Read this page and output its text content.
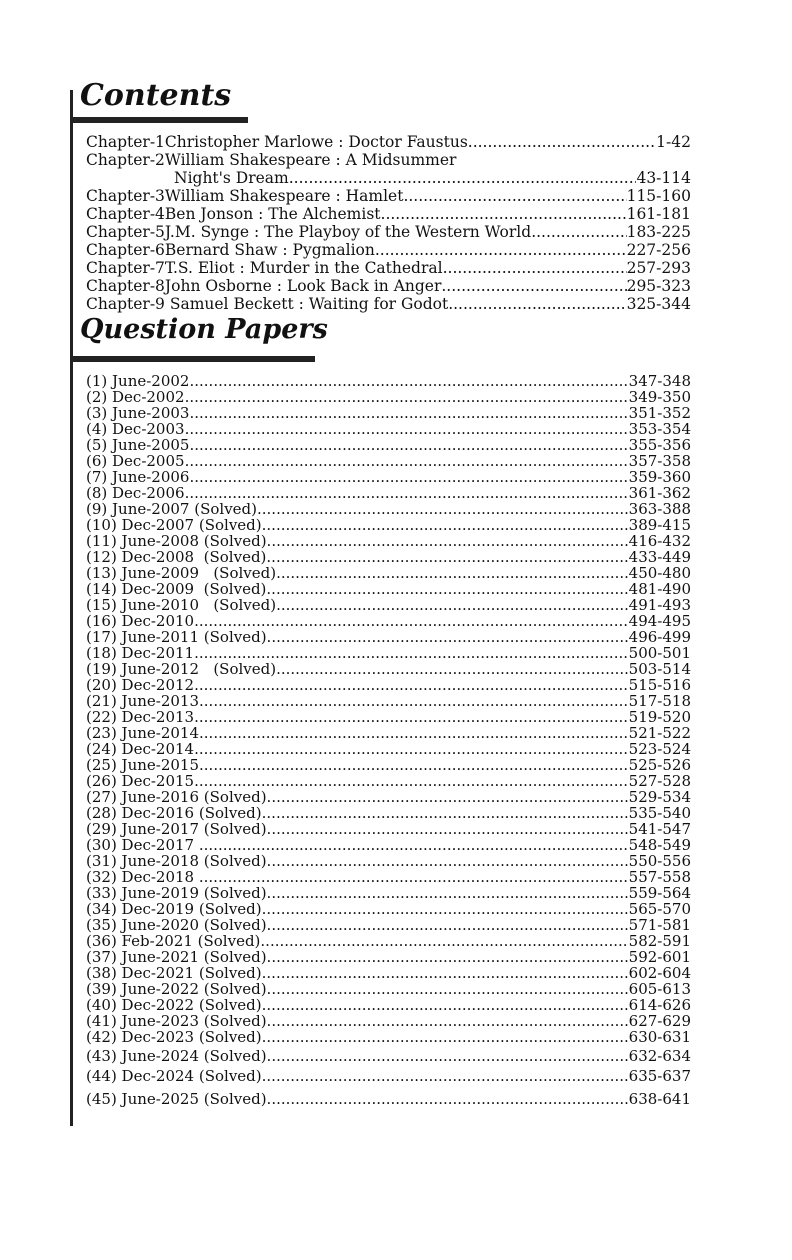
Contents
Chapter-1 Christopher Marlowe : Doctor Faustus .....	1-42
Chapter-2 William Shakespeare : A Midsummer
Night's Dream .....	43-114
Chapter-3 William Shakespeare : Hamlet .....	115-160
Chapter-4 Ben Jonson : The Alchemist .....	161-181
Chapter-5 J.M. Synge : The Playboy of the Western World .....	183-225
Chapter-6 Bernard Shaw : Pygmalion .....	227-256
Chapter-7 T.S. Eliot : Murder in the Cathedral .....	257-293
Chapter-8 John Osborne : Look Back in Anger .....	295-323
Chapter-9 Samuel Beckett : Waiting for Godot .....	325-344
Question Papers
(1) June-2002 .....	347-348
(2) Dec-2002 .....	349-350
(3) June-2003 .....	351-352
(4) Dec-2003 .....	353-354
(5) June-2005 .....	355-356
(6) Dec-2005 .....	357-358
(7) June-2006 .....	359-360
(8) Dec-2006 .....	361-362
(9) June-2007 (Solved) .....	363-388
(10) Dec-2007 (Solved) .....	389-415
(11) June-2008 (Solved) .....	416-432
(12) Dec-2008  (Solved) .....	433-449
(13) June-2009   (Solved) .....	450-480
(14) Dec-2009  (Solved) .....	481-490
(15) June-2010   (Solved) .....	491-493
(16) Dec-2010 .....	494-495
(17) June-2011 (Solved) .....	496-499
(18) Dec-2011 .....	500-501
(19) June-2012   (Solved) .....	503-514
(20) Dec-2012 .....	515-516
(21) June-2013 .....	517-518
(22) Dec-2013 .....	519-520
(23) June-2014 .....	521-522
(24) Dec-2014 .....	523-524
(25) June-2015 .....	525-526
(26) Dec-2015 .....	527-528
(27) June-2016 (Solved) .....	529-534
(28) Dec-2016 (Solved) .....	535-540
(29) June-2017 (Solved) .....	541-547
(30) Dec-2017 .....	548-549
(31) June-2018 (Solved) .....	550-556
(32) Dec-2018 .....	557-558
(33) June-2019 (Solved) .....	559-564
(34) Dec-2019 (Solved) .....	565-570
(35) June-2020 (Solved) .....	571-581
(36) Feb-2021 (Solved) .....	582-591
(37) June-2021 (Solved) .....	592-601
(38) Dec-2021 (Solved) .....	602-604
(39) June-2022 (Solved) .....	605-613
(40) Dec-2022 (Solved) .....	614-626
(41) June-2023 (Solved) .....	627-629
(42) Dec-2023 (Solved) .....	630-631
(43) June-2024 (Solved) .....	632-634
(44) Dec-2024 (Solved) .....	635-637
(45) June-2025 (Solved) .....	638-641
